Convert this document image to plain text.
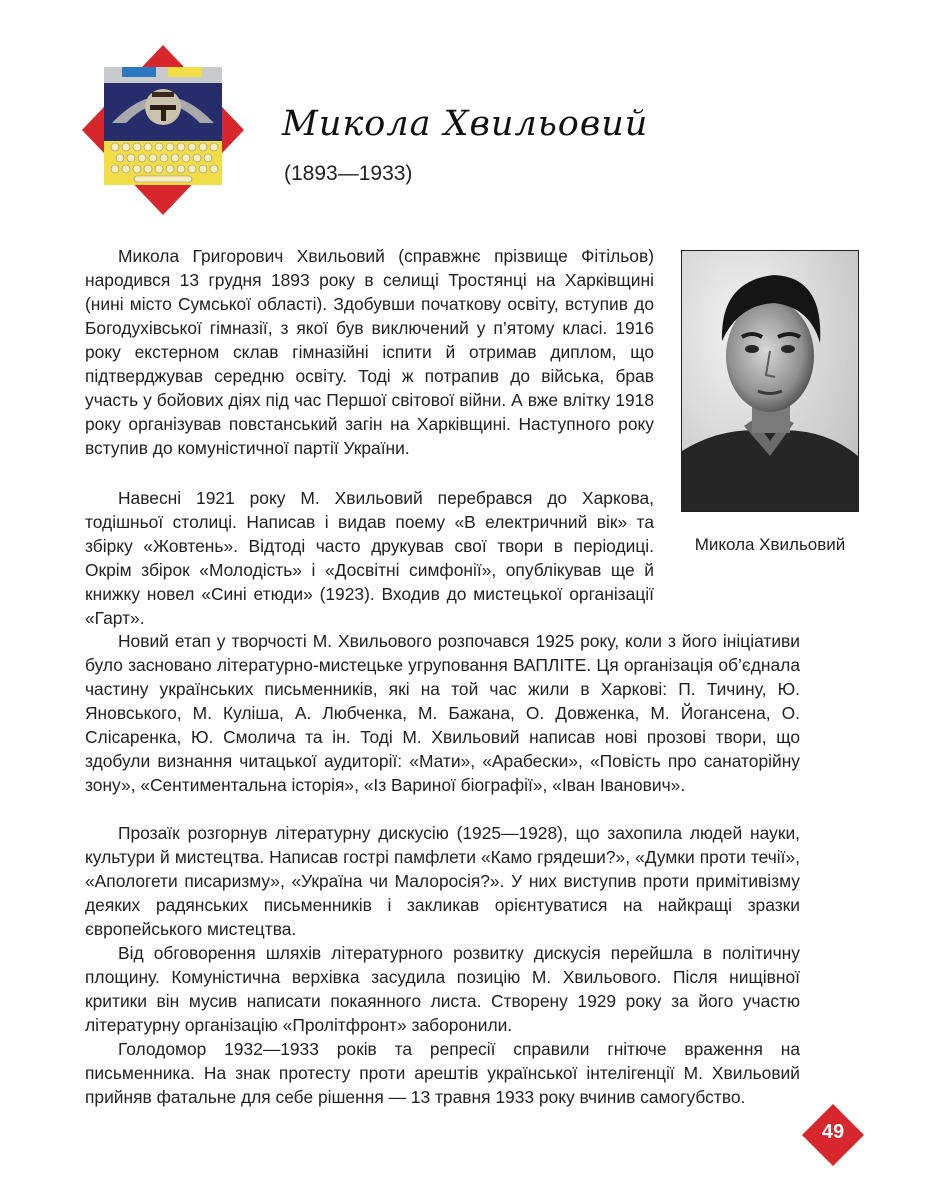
Микола Хвильовий
(1893—1933)

Микола Григорович Хвильовий (справжнє прізвище Фітільов) народився 13 грудня 1893 року в селищі Тростянці на Харківщині (нині місто Сумської області). Здобувши початкову освіту, вступив до Богодухівської гімназії, з якої був виключений у п’ятому класі. 1916 року екстерном склав гімназійні іспити й отримав диплом, що підтверджував середню освіту. Тоді ж потрапив до війська, брав участь у бойових діях під час Першої світової війни. А вже влітку 1918 року організував повстанський загін на Харківщині. Наступного року вступив до комуністичної партії України.

Навесні 1921 року М. Хвильовий перебрався до Харкова, тодішньої столиці. Написав і видав поему «В електричний вік» та збірку «Жовтень». Відтоді часто друкував свої твори в періодиці. Окрім збірок «Молодість» і «Досвітні симфонії», опублікував ще й книжку новел «Сині етюди» (1923). Входив до мистецької організації «Гарт».

Новий етап у творчості М. Хвильового розпочався 1925 року, коли з його ініціативи було засновано літературно-мистецьке угруповання ВАПЛІТЕ. Ця організація об’єднала частину українських письменників, які на той час жили в Харкові: П. Тичину, Ю. Яновського, М. Куліша, А. Любченка, М. Бажана, О. Довженка, М. Йогансена, О. Слісаренка, Ю. Смолича та ін. Тоді М. Хвильовий написав нові прозові твори, що здобули визнання читацької аудиторії: «Мати», «Арабески», «Повість про санаторійну зону», «Сентиментальна історія», «Із Вариної біографії», «Іван Іванович».

Прозаїк розгорнув літературну дискусію (1925—1928), що захопила людей науки, культури й мистецтва. Написав гострі памфлети «Камо грядеши?», «Думки проти течії», «Апологети писаризму», «Україна чи Малоросія?». У них виступив проти примітивізму деяких радянських письменників і закликав орієнтуватися на найкращі зразки європейського мистецтва.

Від обговорення шляхів літературного розвитку дискусія перейшла в політичну площину. Комуністична верхівка засудила позицію М. Хвильового. Після нищівної критики він мусив написати покаянного листа. Створену 1929 року за його участю літературну організацію «Пролітфронт» заборонили.

Голодомор 1932—1933 років та репресії справили гнітюче враження на письменника. На знак протесту проти арештів української інтелігенції М. Хвильовий прийняв фатальне для себе рішення — 13 травня 1933 року вчинив самогубство.

Микола Хвильовий
49
